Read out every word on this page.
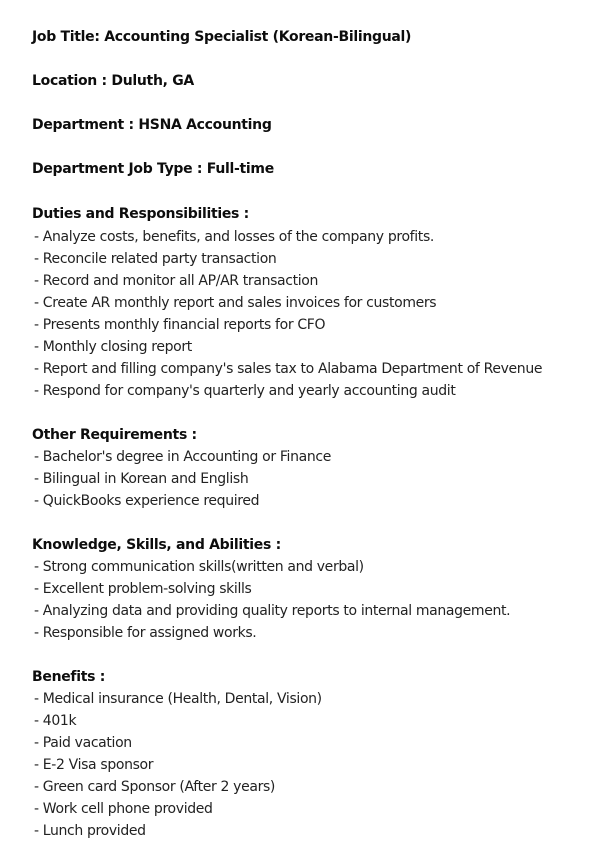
Job Title: Accounting Specialist (Korean-Bilingual)
Location : Duluth, GA
Department : HSNA Accounting
Department Job Type : Full-time
Duties and Responsibilities :
- Analyze costs, benefits, and losses of the company profits.
- Reconcile related party transaction
- Record and monitor all AP/AR transaction
- Create AR monthly report and sales invoices for customers
- Presents monthly financial reports for CFO
- Monthly closing report
- Report and filling company's sales tax to Alabama Department of Revenue
- Respond for company's quarterly and yearly accounting audit
Other Requirements :
- Bachelor's degree in Accounting or Finance
- Bilingual in Korean and English
- QuickBooks experience required
Knowledge, Skills, and Abilities :
- Strong communication skills(written and verbal)
- Excellent problem-solving skills
- Analyzing data and providing quality reports to internal management.
- Responsible for assigned works.
Benefits :
- Medical insurance (Health, Dental, Vision)
- 401k
- Paid vacation
- E-2 Visa sponsor
- Green card Sponsor (After 2 years)
- Work cell phone provided
- Lunch provided
